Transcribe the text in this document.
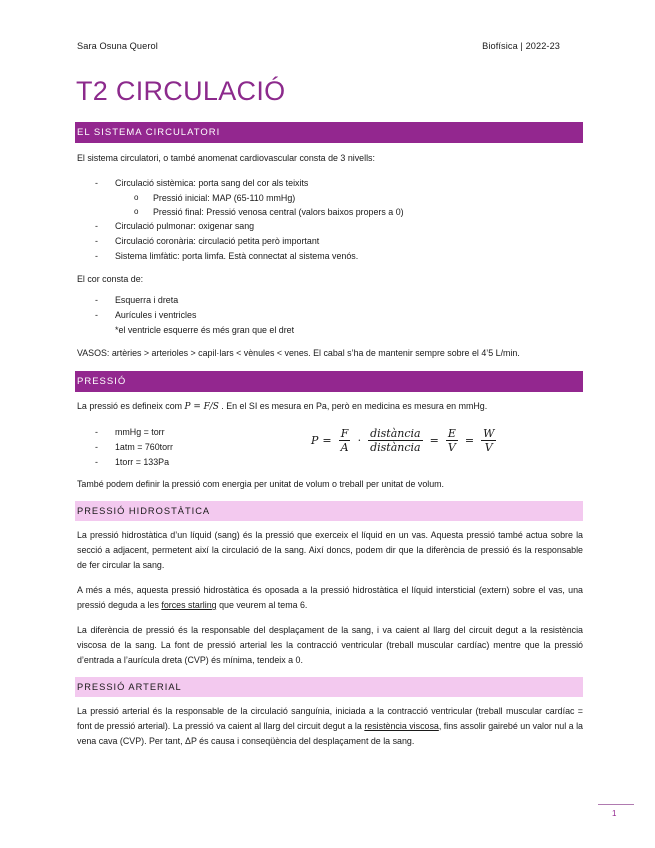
Sara Osuna Querol	Biofísica | 2022-23
T2 CIRCULACIÓ
EL SISTEMA CIRCULATORI

El sistema circulatori, o també anomenat cardiovascular consta de 3 nivells:

- Circulació sistèmica: porta sang del cor als teixits
o Pressió inicial: MAP (65-110 mmHg)
o Pressió final: Pressió venosa central (valors baixos propers a 0)
- Circulació pulmonar: oxigenar sang
- Circulació coronària: circulació petita però important
- Sistema limfàtic: porta limfa. Està connectat al sistema venós.

El cor consta de:

- Esquerra i dreta
- Aurícules i ventricles
*el ventricle esquerre és més gran que el dret

VASOS: artèries > arterioles > capil·lars < vènules < venes. El cabal s’ha de mantenir sempre sobre el 4’5 L/min.

PRESSIÓ

La pressió es defineix com P = F/S . En el SI es mesura en Pa, però en medicina es mesura en mmHg.

- mmHg = torr
- 1atm = 760torr
- 1torr = 133Pa
$P = \frac{F}{A} \cdot \frac{\text{distància}}{\text{distància}} = \frac{E}{V} = \frac{W}{V}$

També podem definir la pressió com energia per unitat de volum o treball per unitat de volum.

PRESSIÓ HIDROSTÀTICA

La pressió hidrostàtica d’un líquid (sang) és la pressió que exerceix el líquid en un vas. Aquesta pressió també actua sobre la secció a adjacent, permetent així la circulació de la sang. Així doncs, podem dir que la diferència de pressió és la responsable de fer circular la sang.

A més a més, aquesta pressió hidrostàtica és oposada a la pressió hidrostàtica el líquid intersticial (extern) sobre el vas, una pressió deguda a les forces starling que veurem al tema 6.

La diferència de pressió és la responsable del desplaçament de la sang, i va caient al llarg del circuit degut a la resistència viscosa de la sang. La font de pressió arterial les la contracció ventricular (treball muscular cardíac) mentre que la pressió d’entrada a l’aurícula dreta (CVP) és mínima, tendeix a 0.

PRESSIÓ ARTERIAL

La pressió arterial és la responsable de la circulació sanguínia, iniciada a la contracció ventricular (treball muscular cardíac = font de pressió arterial). La pressió va caient al llarg del circuit degut a la resistència viscosa, fins assolir gairebé un valor nul a la vena cava (CVP). Per tant, ΔP és causa i conseqüència del desplaçament de la sang.

1
